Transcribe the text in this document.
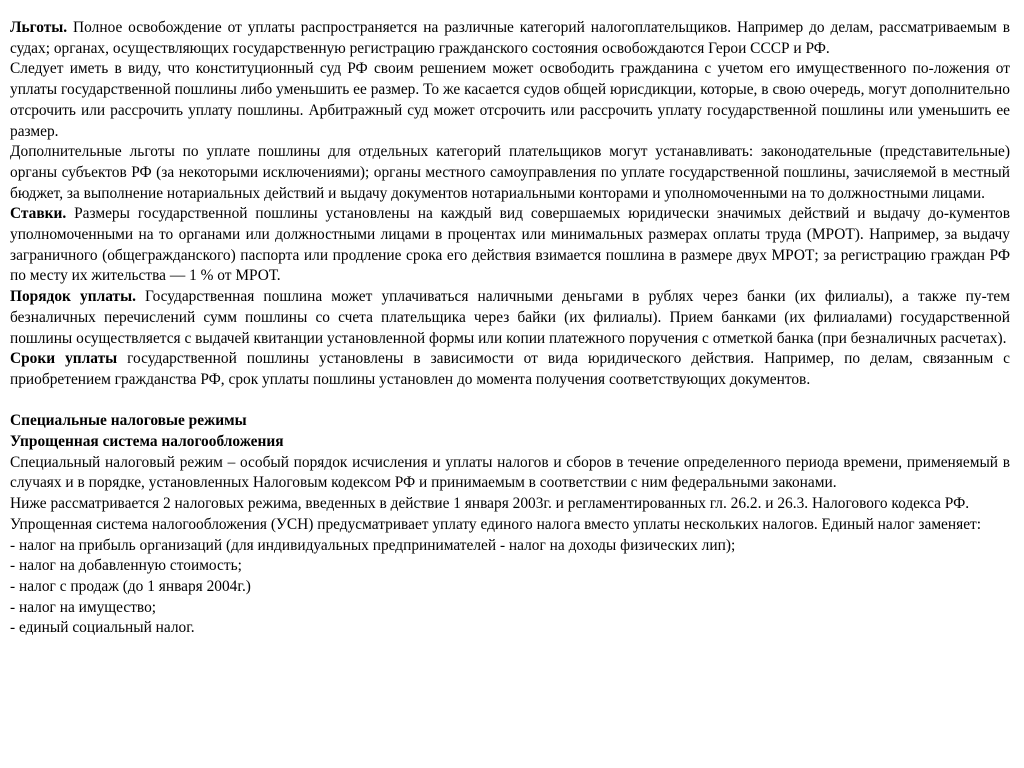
Льготы. Полное освобождение от уплаты распространяется на различные категорий налогоплательщиков. Например до делам, рассматриваемым в судах; органах, осуществляющих государственную регистрацию гражданского состояния освобождаются Герои СССР и РФ.

Следует иметь в виду, что конституционный суд РФ своим решением может освободить гражданина с учетом его имущественного по-ложения от уплаты государственной пошлины либо уменьшить ее размер. То же касается судов общей юрисдикции, которые, в свою очередь, могут дополнительно отсрочить или рассрочить уплату пошлины. Арбитражный суд может отсрочить или рассрочить уплату государственной пошлины или уменьшить ее размер.

Дополнительные льготы по уплате пошлины для отдельных категорий плательщиков могут устанавливать: законодательные (представительные) органы субъектов РФ (за некоторыми исключениями); органы местного самоуправления по уплате государственной пошлины, зачисляемой в местный бюджет, за выполнение нотариальных действий и выдачу документов нотариальными конторами и уполномоченными на то должностными лицами.

Ставки. Размеры государственной пошлины установлены на каждый вид совершаемых юридически значимых действий и выдачу до-кументов уполномоченными на то органами или должностными лицами в процентах или минимальных размерах оплаты труда (МРОТ). Например, за выдачу заграничного (общегражданского) паспорта или продление срока его действия взимается пошлина в размере двух МРОТ; за регистрацию граждан РФ по месту их жительства — 1 % от МРОТ.

Порядок уплаты. Государственная пошлина может уплачиваться наличными деньгами в рублях через банки (их филиалы), а также пу-тем безналичных перечислений сумм пошлины со счета плательщика через байки (их филиалы). Прием банками (их филиалами) государственной пошлины осуществляется с выдачей квитанции установленной формы или копии платежного поручения с отметкой банка (при безналичных расчетах).

Сроки уплаты государственной пошлины установлены в зависимости от вида юридического действия. Например, по делам, связанным с приобретением гражданства РФ, срок уплаты пошлины установлен до момента получения соответствующих документов.

Специальные налоговые режимы

Упрощенная система налогообложения

Специальный налоговый режим – особый порядок исчисления и уплаты налогов и сборов в течение определенного периода времени, применяемый в случаях и в порядке, установленных Налоговым кодексом РФ и принимаемым в соответствии с ним федеральными законами.

Ниже рассматривается 2 налоговых режима, введенных в действие 1 января 2003г. и регламентированных гл. 26.2. и 26.3. Налогового кодекса РФ.

Упрощенная система налогообложения (УСН) предусматривает уплату единого налога вместо уплаты нескольких налогов. Единый налог заменяет:

- налог на прибыль организаций (для индивидуальных предпринимателей - налог на доходы физических лип);
- налог на добавленную стоимость;
- налог с продаж (до 1 января 2004г.)
- налог на имущество;
- единый социальный налог.
